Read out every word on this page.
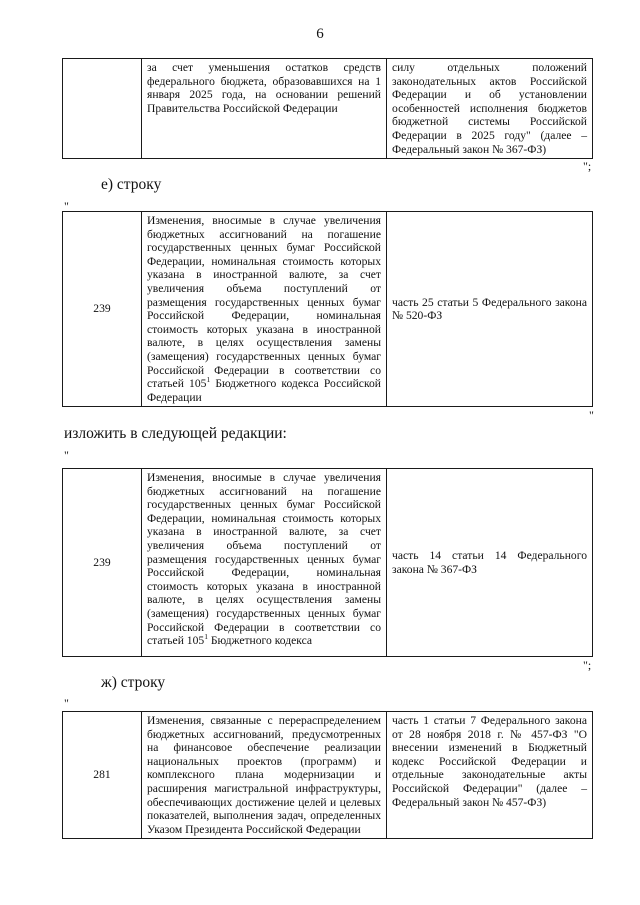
6
	за счет уменьшения остатков средств федерального бюджета, образовавшихся на 1 января 2025 года, на основании решений Правительства Российской Федерации	силу отдельных положений законодательных актов Российской Федерации и об установлении особенностей исполнения бюджетов бюджетной системы Российской Федерации в 2025 году" (далее – Федеральный закон № 367-ФЗ)
";
е) строку
"
239	Изменения, вносимые в случае увеличения бюджетных ассигнований на погашение государственных ценных бумаг Российской Федерации, номинальная стоимость которых указана в иностранной валюте, за счет увеличения объема поступлений от размещения государственных ценных бумаг Российской Федерации, номинальная стоимость которых указана в иностранной валюте, в целях осуществления замены (замещения) государственных ценных бумаг Российской Федерации в соответствии со статьей $105^1$ Бюджетного кодекса Российской Федерации	часть 25 статьи 5 Федерального закона № 520-ФЗ
"
изложить в следующей редакции:
"
239	Изменения, вносимые в случае увеличения бюджетных ассигнований на погашение государственных ценных бумаг Российской Федерации, номинальная стоимость которых указана в иностранной валюте, за счет увеличения объема поступлений от размещения государственных ценных бумаг Российской Федерации, номинальная стоимость которых указана в иностранной валюте, в целях осуществления замены (замещения) государственных ценных бумаг Российской Федерации в соответствии со статьей $105^1$ Бюджетного кодекса	часть 14 статьи 14 Федерального закона № 367-ФЗ
";
ж) строку
"
281	Изменения, связанные с перераспределением бюджетных ассигнований, предусмотренных на финансовое обеспечение реализации национальных проектов (программ) и комплексного плана модернизации и расширения магистральной инфраструктуры, обеспечивающих достижение целей и целевых показателей, выполнения задач, определенных Указом Президента Российской Федерации	часть 1 статьи 7 Федерального закона от 28 ноября 2018 г. № 457-ФЗ "О внесении изменений в Бюджетный кодекс Российской Федерации и отдельные законодательные акты Российской Федерации" (далее – Федеральный закон № 457-ФЗ)
